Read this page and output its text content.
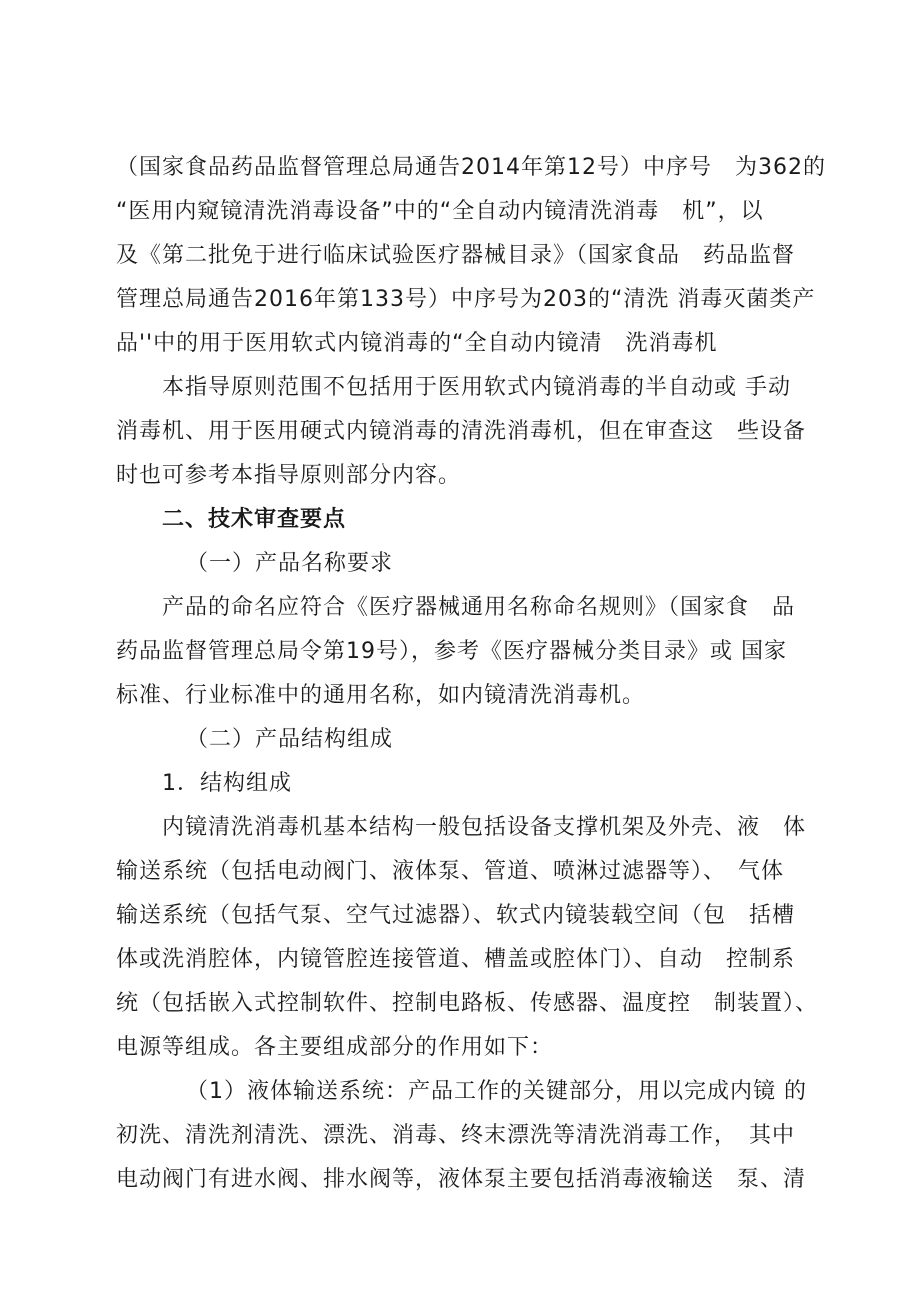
（国家食品药品监督管理总局通告2014年第12号）中序号　为362的
“医用内窥镜清洗消毒设备”中的“全自动内镜清洗消毒　机”，以
及《第二批免于进行临床试验医疗器械目录》（国家食品　药品监督
管理总局通告2016年第133号）中序号为203的“清洗 消毒灭菌类产
品''中的用于医用软式内镜消毒的“全自动内镜清　洗消毒机
本指导原则范围不包括用于医用软式内镜消毒的半自动或 手动
消毒机、用于医用硬式内镜消毒的清洗消毒机，但在审查这　些设备
时也可参考本指导原则部分内容。
二、技术审查要点
（一）产品名称要求
产品的命名应符合《医疗器械通用名称命名规则》（国家食　品
药品监督管理总局令第19号），参考《医疗器械分类目录》或 国家
标准、行业标准中的通用名称，如内镜清洗消毒机。
（二）产品结构组成
1．结构组成
内镜清洗消毒机基本结构一般包括设备支撑机架及外壳、液　体
输送系统（包括电动阀门、液体泵、管道、喷淋过滤器等）、　气体
输送系统（包括气泵、空气过滤器）、软式内镜装载空间（包　括槽
体或洗消腔体，内镜管腔连接管道、槽盖或腔体门）、自动　控制系
统（包括嵌入式控制软件、控制电路板、传感器、温度控　制装置）、
电源等组成。各主要组成部分的作用如下：
（1）液体输送系统：产品工作的关键部分，用以完成内镜 的
初洗、清洗剂清洗、漂洗、消毒、终末漂洗等清洗消毒工作，　其中
电动阀门有进水阀、排水阀等，液体泵主要包括消毒液输送　泵、清
